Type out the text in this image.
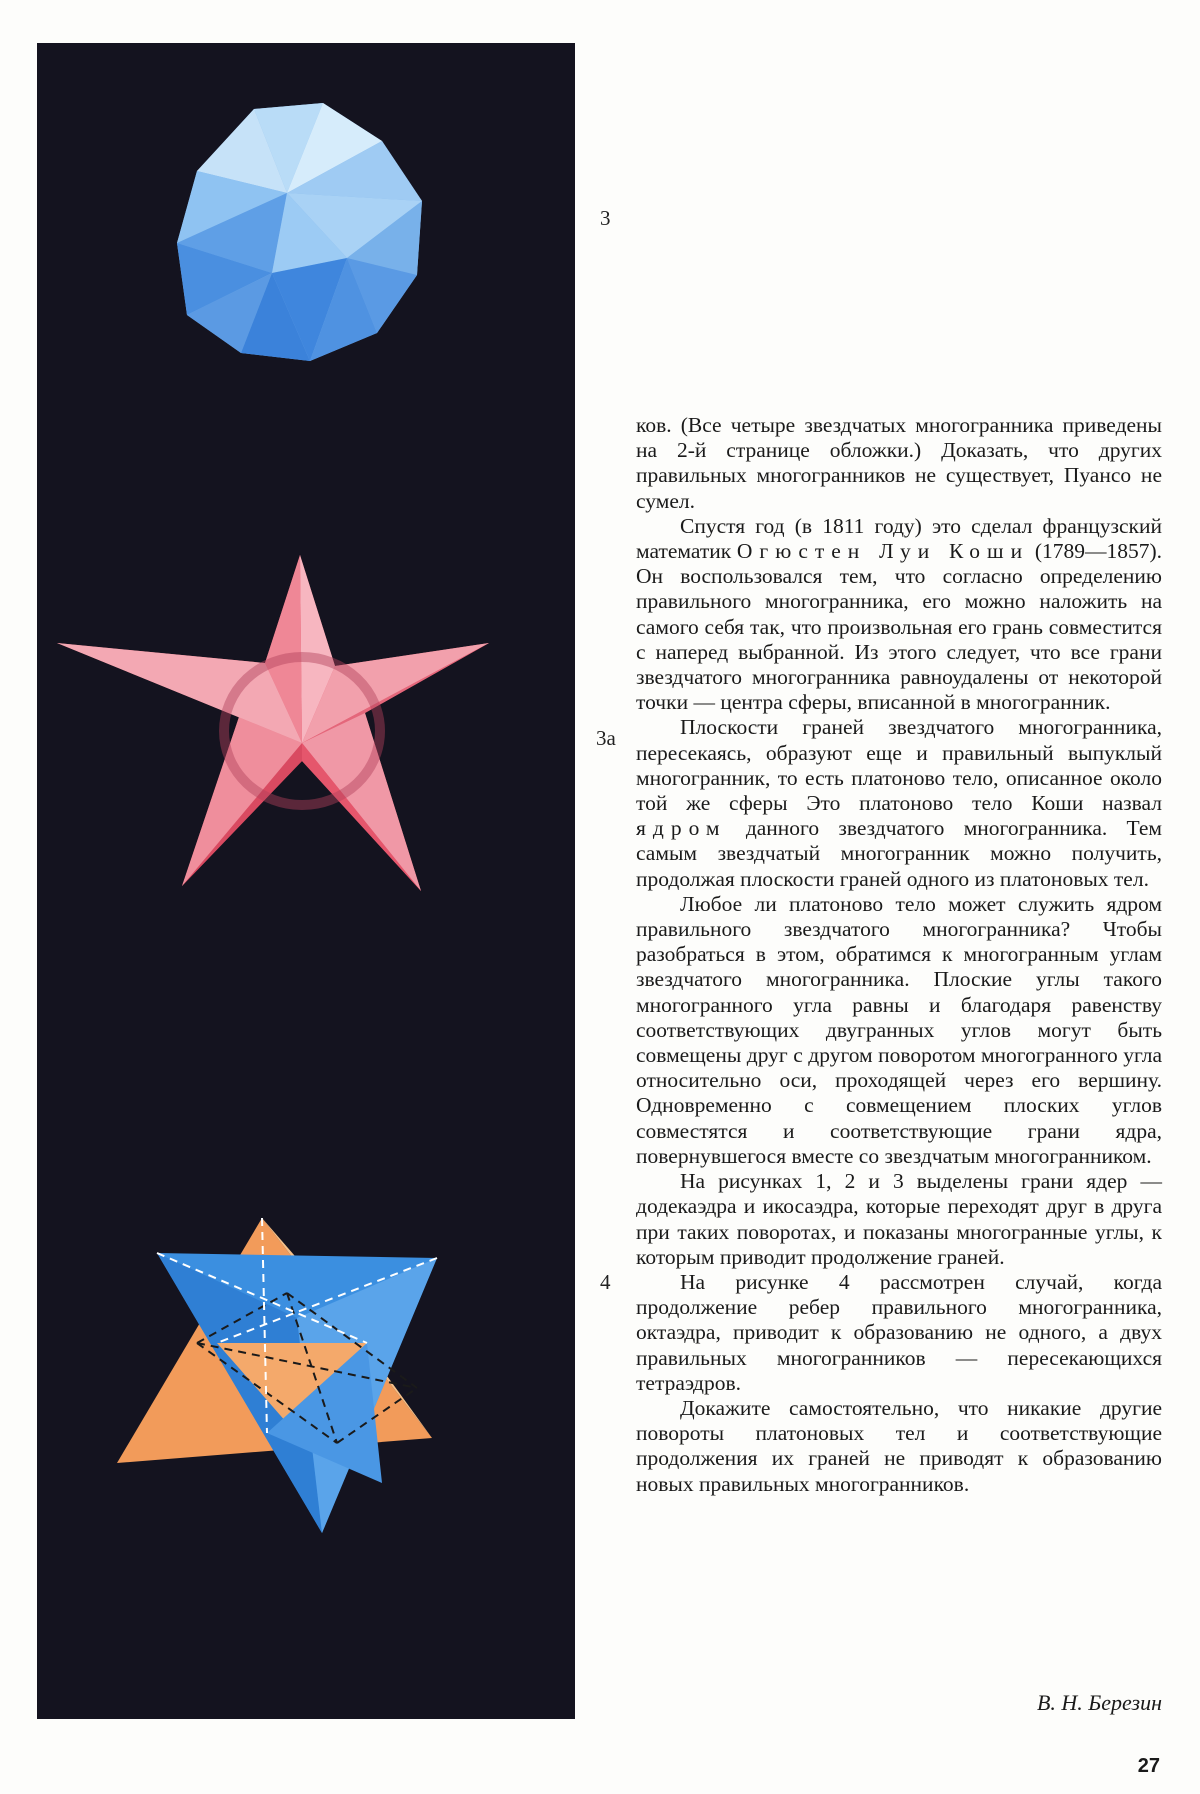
3
3a
4

ков. (Все четыре звездчатых многогранника приведены на 2-й странице обложки.) Доказать, что других правильных многогранников не существует, Пуансо не сумел.

Спустя год (в 1811 году) это сделал французский математик Огюстен Луи Коши (1789—1857). Он воспользовался тем, что согласно определению правильного многогранника, его можно наложить на самого себя так, что произвольная его грань совместится с наперед выбранной. Из этого следует, что все грани звездчатого многогранника равноудалены от некоторой точки — центра сферы, вписанной в многогранник.

Плоскости граней звездчатого многогранника, пересекаясь, образуют еще и правильный выпуклый многогранник, то есть платоново тело, описанное около той же сферы Это платоново тело Коши назвал ядром данного звездчатого многогранника. Тем самым звездчатый многогранник можно получить, продолжая плоскости граней одного из платоновых тел.

Любое ли платоново тело может служить ядром правильного звездчатого многогранника? Чтобы разобраться в этом, обратимся к многогранным углам звездчатого многогранника. Плоские углы такого многогранного угла равны и благодаря равенству соответствующих двугранных углов могут быть совмещены друг с другом поворотом многогранного угла относительно оси, проходящей через его вершину. Одновременно с совмещением плоских углов совместятся и соответствующие грани ядра, повернувшегося вместе со звездчатым многогранником.

На рисунках 1, 2 и 3 выделены грани ядер — додекаэдра и икосаэдра, которые переходят друг в друга при таких поворотах, и показаны многогранные углы, к которым приводит продолжение граней.

На рисунке 4 рассмотрен случай, когда продолжение ребер правильного многогранника, октаэдра, приводит к образованию не одного, а двух правильных многогранников — пересекающихся тетраэдров.

Докажите самостоятельно, что никакие другие повороты платоновых тел и соответствующие продолжения их граней не приводят к образованию новых правильных многогранников.

В. Н. Березин
27
